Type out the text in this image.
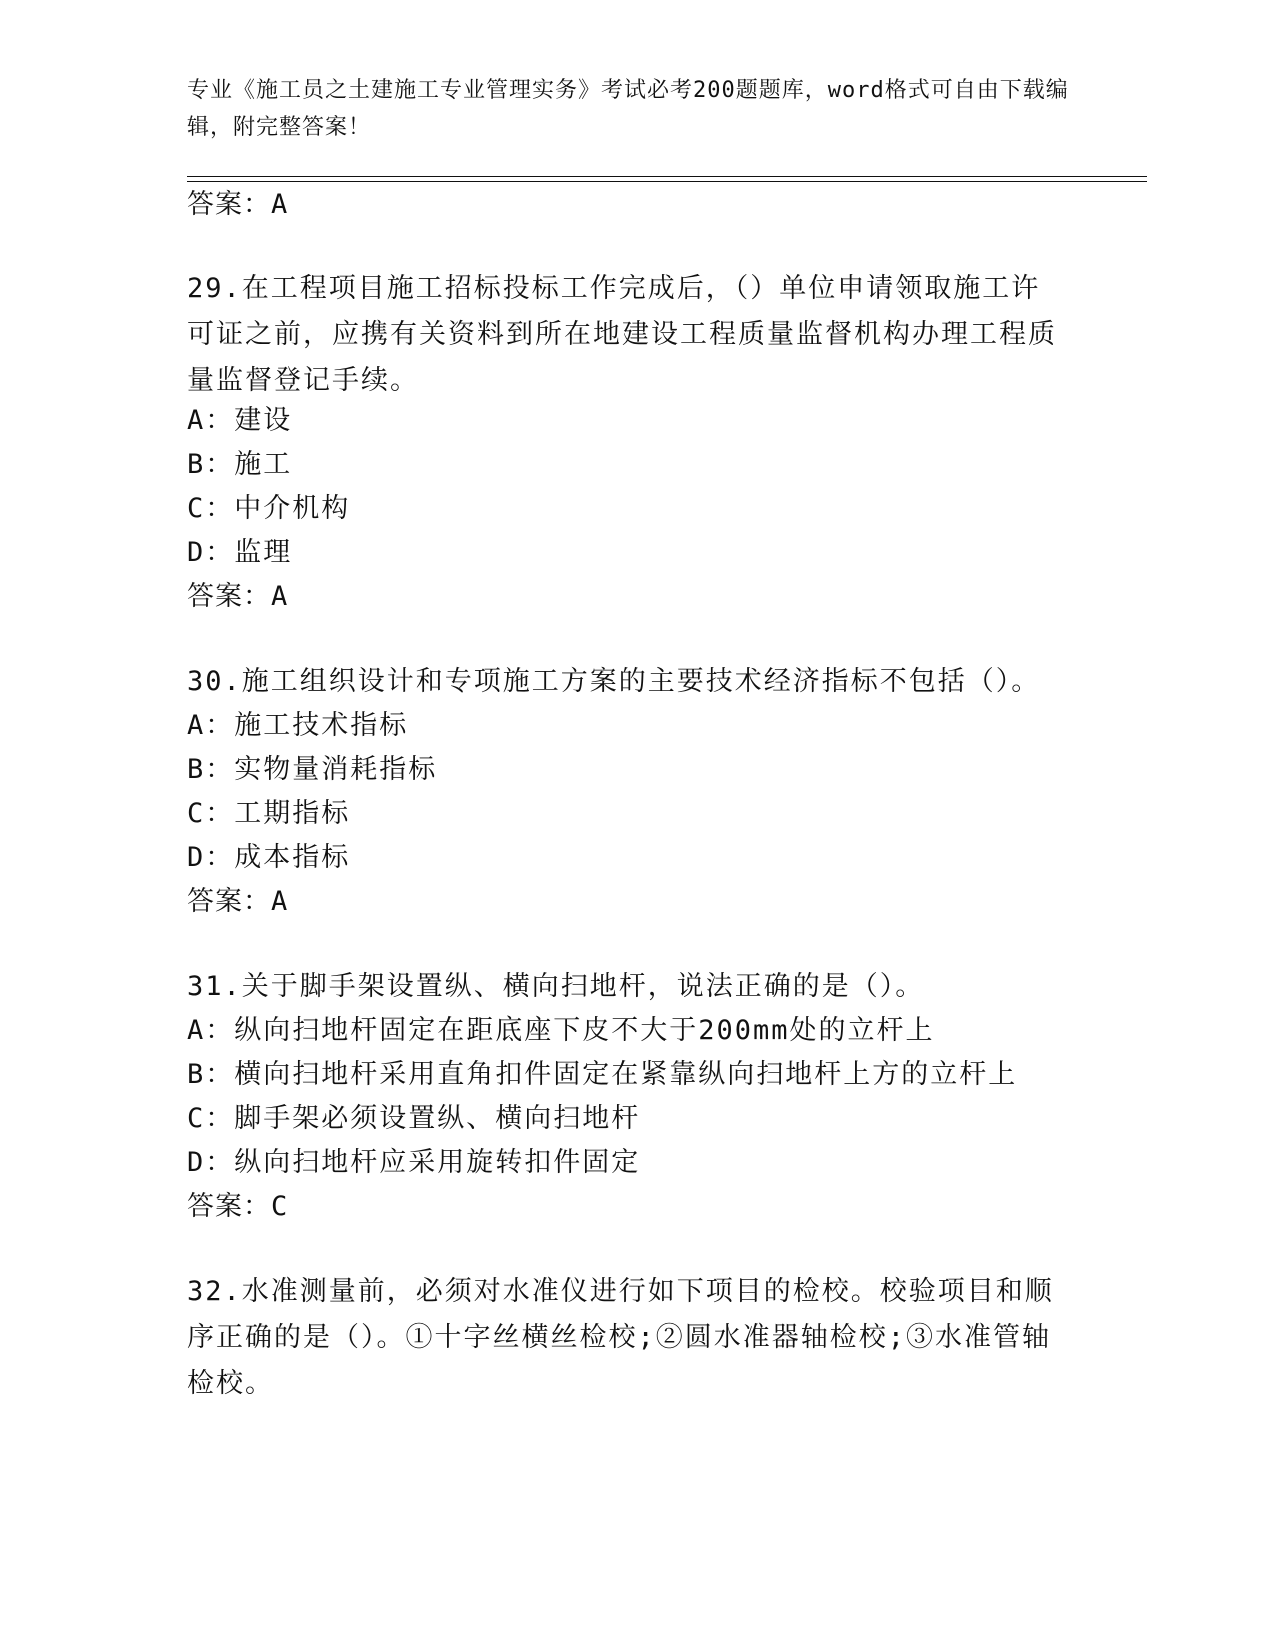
专业《施工员之土建施工专业管理实务》考试必考200题题库，word格式可自由下载编辑，附完整答案！
答案：A
29.在工程项目施工招标投标工作完成后，（）单位申请领取施工许可证之前，应携有关资料到所在地建设工程质量监督机构办理工程质量监督登记手续。
A：建设
B：施工
C：中介机构
D：监理
答案：A
30.施工组织设计和专项施工方案的主要技术经济指标不包括（）。
A：施工技术指标
B：实物量消耗指标
C：工期指标
D：成本指标
答案：A
31.关于脚手架设置纵、横向扫地杆，说法正确的是（）。
A：纵向扫地杆固定在距底座下皮不大于200mm处的立杆上
B：横向扫地杆采用直角扣件固定在紧靠纵向扫地杆上方的立杆上
C：脚手架必须设置纵、横向扫地杆
D：纵向扫地杆应采用旋转扣件固定
答案：C
32.水准测量前，必须对水准仪进行如下项目的检校。校验项目和顺序正确的是（）。①十字丝横丝检校;②圆水准器轴检校;③水准管轴检校。
